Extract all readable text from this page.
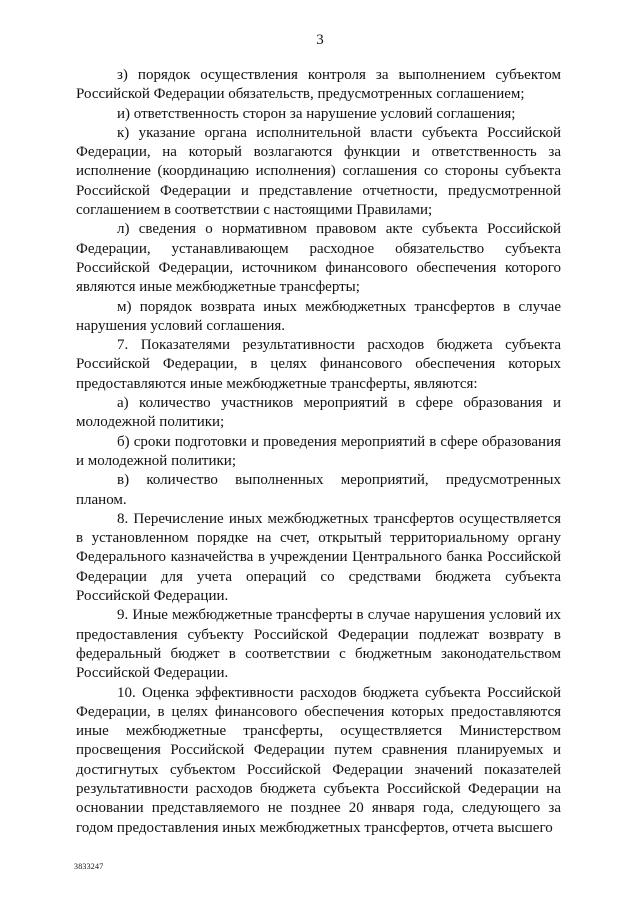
3

з) порядок осуществления контроля за выполнением субъектом Российской Федерации обязательств, предусмотренных соглашением;

и) ответственность сторон за нарушение условий соглашения;

к) указание органа исполнительной власти субъекта Российской Федерации, на который возлагаются функции и ответственность за исполнение (координацию исполнения) соглашения со стороны субъекта Российской Федерации и представление отчетности, предусмотренной соглашением в соответствии с настоящими Правилами;

л) сведения о нормативном правовом акте субъекта Российской Федерации, устанавливающем расходное обязательство субъекта Российской Федерации, источником финансового обеспечения которого являются иные межбюджетные трансферты;

м) порядок возврата иных межбюджетных трансфертов в случае нарушения условий соглашения.

7. Показателями результативности расходов бюджета субъекта Российской Федерации, в целях финансового обеспечения которых предоставляются иные межбюджетные трансферты, являются:

а) количество участников мероприятий в сфере образования и молодежной политики;

б) сроки подготовки и проведения мероприятий в сфере образования и молодежной политики;

в) количество выполненных мероприятий, предусмотренных планом.

8. Перечисление иных межбюджетных трансфертов осуществляется в установленном порядке на счет, открытый территориальному органу Федерального казначейства в учреждении Центрального банка Российской Федерации для учета операций со средствами бюджета субъекта Российской Федерации.

9. Иные межбюджетные трансферты в случае нарушения условий их предоставления субъекту Российской Федерации подлежат возврату в федеральный бюджет в соответствии с бюджетным законодательством Российской Федерации.

10. Оценка эффективности расходов бюджета субъекта Российской Федерации, в целях финансового обеспечения которых предоставляются иные межбюджетные трансферты, осуществляется Министерством просвещения Российской Федерации путем сравнения планируемых и достигнутых субъектом Российской Федерации значений показателей результативности расходов бюджета субъекта Российской Федерации на основании представляемого не позднее 20 января года, следующего за годом предоставления иных межбюджетных трансфертов, отчета высшего

3833247
